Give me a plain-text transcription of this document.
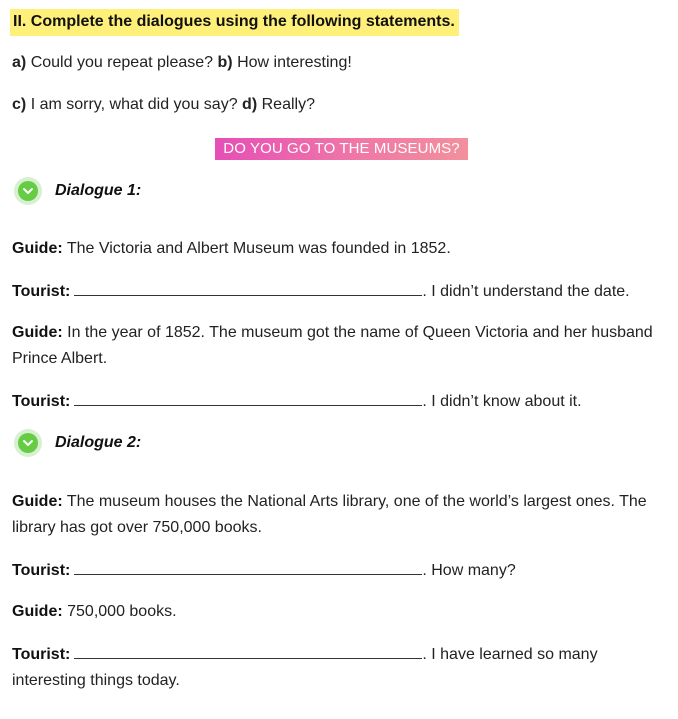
II. Complete the dialogues using the following statements.
a) Could you repeat please? b) How interesting!
c) I am sorry, what did you say? d) Really?
DO YOU GO TO THE MUSEUMS?
Dialogue 1:
Guide: The Victoria and Albert Museum was founded in 1852.
Tourist:	. I didn’t understand the date.
Guide: In the year of 1852. The museum got the name of Queen Victoria and her husband Prince Albert.
Tourist:	. I didn’t know about it.
Dialogue 2:
Guide: The museum houses the National Arts library, one of the world’s largest ones. The library has got over 750,000 books.
Tourist:	. How many?
Guide: 750,000 books.
Tourist:	. I have learned so many interesting things today.
